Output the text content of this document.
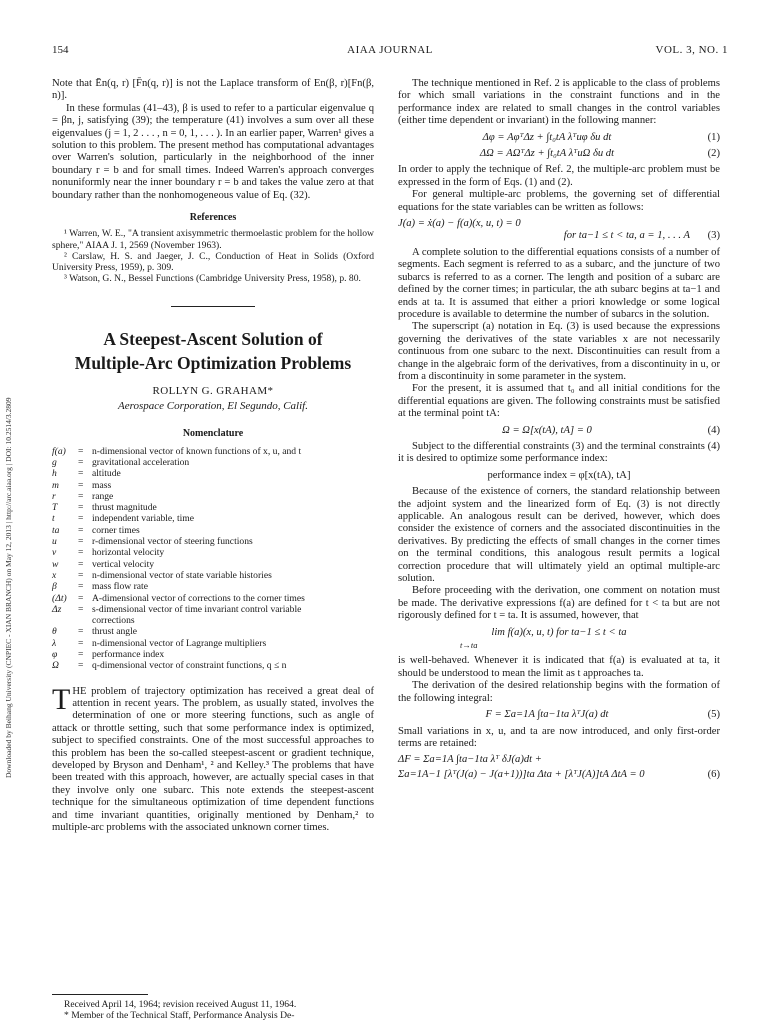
154	AIAA JOURNAL	VOL. 3, NO. 1
Downloaded by Beihang University (CNPIEC - XIAN BRANCH) on May 12, 2013 | http://arc.aiaa.org | DOI: 10.2514/3.2809

Note that Ēn(q, r) [F̄n(q, r)] is not the Laplace transform of En(β, r)[Fn(β, n)].

In these formulas (41–43), β is used to refer to a particular eigenvalue q = βn, j, satisfying (39); the temperature (41) involves a sum over all these eigenvalues (j = 1, 2 . . . , n = 0, 1, . . . ). In an earlier paper, Warren¹ gives a solution to this problem. The present method has computational advantages over Warren's solution, particularly in the neighborhood of the inner boundary r = b and for small times. Indeed Warren's approach converges nonuniformly near the inner boundary r = b and takes the value zero at that boundary rather than the nonhomogeneous value of Eq. (32).

References

¹ Warren, W. E., "A transient axisymmetric thermoelastic problem for the hollow sphere," AIAA J. 1, 2569 (November 1963).

² Carslaw, H. S. and Jaeger, J. C., Conduction of Heat in Solids (Oxford University Press, 1959), p. 309.

³ Watson, G. N., Bessel Functions (Cambridge University Press, 1958), p. 80.

A Steepest-Ascent Solution of
Multiple-Arc Optimization Problems
ROLLYN G. GRAHAM*
Aerospace Corporation, El Segundo, Calif.
Nomenclature
f(a)	= n-dimensional vector of known functions of x, u, and t
g	= gravitational acceleration
h	= altitude
m	= mass
r	= range
T	= thrust magnitude
t	= independent variable, time
ta	= corner times
u	= r-dimensional vector of steering functions
v	= horizontal velocity
w	= vertical velocity
x	= n-dimensional vector of state variable histories
β	= mass flow rate
(Δt)	= A-dimensional vector of corrections to the corner times
Δz	= s-dimensional vector of time invariant control variable
corrections
θ	= thrust angle
λ	= n-dimensional vector of Lagrange multipliers
φ	= performance index
Ω	= q-dimensional vector of constraint functions, q ≤ n

THE problem of trajectory optimization has received a great deal of attention in recent years. The problem, as usually stated, involves the determination of one or more steering functions, such as angle of attack or throttle setting, such that some performance index is optimized, subject to specified constraints. One of the most successful approaches to this problem has been the so-called steepest-ascent or gradient technique, developed by Bryson and Denham¹, ² and Kelley.³ The problems that have been treated with this approach, however, are actually special cases in that they involve only one subarc. This note extends the steepest-ascent technique for the simultaneous optimization of time dependent functions and time invariant quantities, originally mentioned by Denham,² to multiple-arc problems with the associated unknown corner times.

Received April 14, 1964; revision received August 11, 1964.

* Member of the Technical Staff, Performance Analysis De-

The technique mentioned in Ref. 2 is applicable to the class of problems for which small variations in the constraint functions and in the performance index are related to small changes in the control variables (either time dependent or invariant) in the following manner:

Δφ = AφᵀΔz + ∫t₀tA λᵀuφ δu dt	(1)
ΔΩ = AΩᵀΔz + ∫t₀tA λᵀuΩ δu dt	(2)

In order to apply the technique of Ref. 2, the multiple-arc problem must be expressed in the form of Eqs. (1) and (2).

For general multiple-arc problems, the governing set of differential equations for the state variables can be written as follows:

J(a) = ẋ(a) − f(a)(x, u, t) = 0
for ta−1 ≤ t < ta, a = 1, . . . A	(3)

A complete solution to the differential equations consists of a number of segments. Each segment is referred to as a subarc, and the juncture of two subarcs is referred to as a corner. The length and position of a subarc are defined by the corner times; in particular, the ath subarc begins at ta−1 and ends at ta. It is assumed that either a priori knowledge or some logical procedure is available to determine the number of subarcs in the solution.

The superscript (a) notation in Eq. (3) is used because the expressions governing the derivatives of the state variables x are not necessarily continuous from one subarc to the next. Discontinuities can result from a change in the algebraic form of the derivatives, from a discontinuity in u, or from a discontinuity in some parameter in the system.

For the present, it is assumed that t₀ and all initial conditions for the differential equations are given. The following constraints must be satisfied at the terminal point tA:

Ω = Ω[x(tA), tA] = 0	(4)

Subject to the differential constraints (3) and the terminal constraints (4) it is desired to optimize some performance index:

performance index = φ[x(tA), tA]

Because of the existence of corners, the standard relationship between the adjoint system and the linearized form of Eq. (3) is not directly applicable. An analogous result can be derived, however, which does consider the existence of corners and the associated discontinuities in the derivatives. By predicting the effects of small changes in the corner times on the terminal conditions, this analogous result permits a logical correction procedure that will ultimately yield an optimal multiple-arc solution.

Before proceeding with the derivation, one comment on notation must be made. The derivative expressions f(a) are defined for t < ta but are not rigorously defined for t = ta. It is assumed, however, that

lim f(a)(x, u, t) for ta−1 ≤ t < ta
t→ta

is well-behaved. Whenever it is indicated that f(a) is evaluated at ta, it should be understood to mean the limit as t approaches ta.

The derivation of the desired relationship begins with the formation of the following integral:

F = Σa=1A ∫ta−1ta λᵀJ(a) dt	(5)

Small variations in x, u, and ta are now introduced, and only first-order terms are retained:

ΔF = Σa=1A ∫ta−1ta λᵀ δJ(a)dt +
Σa=1A−1 [λᵀ(J(a) − J(a+1))]ta Δta + [λᵀJ(A)]tA ΔtA = 0	(6)
